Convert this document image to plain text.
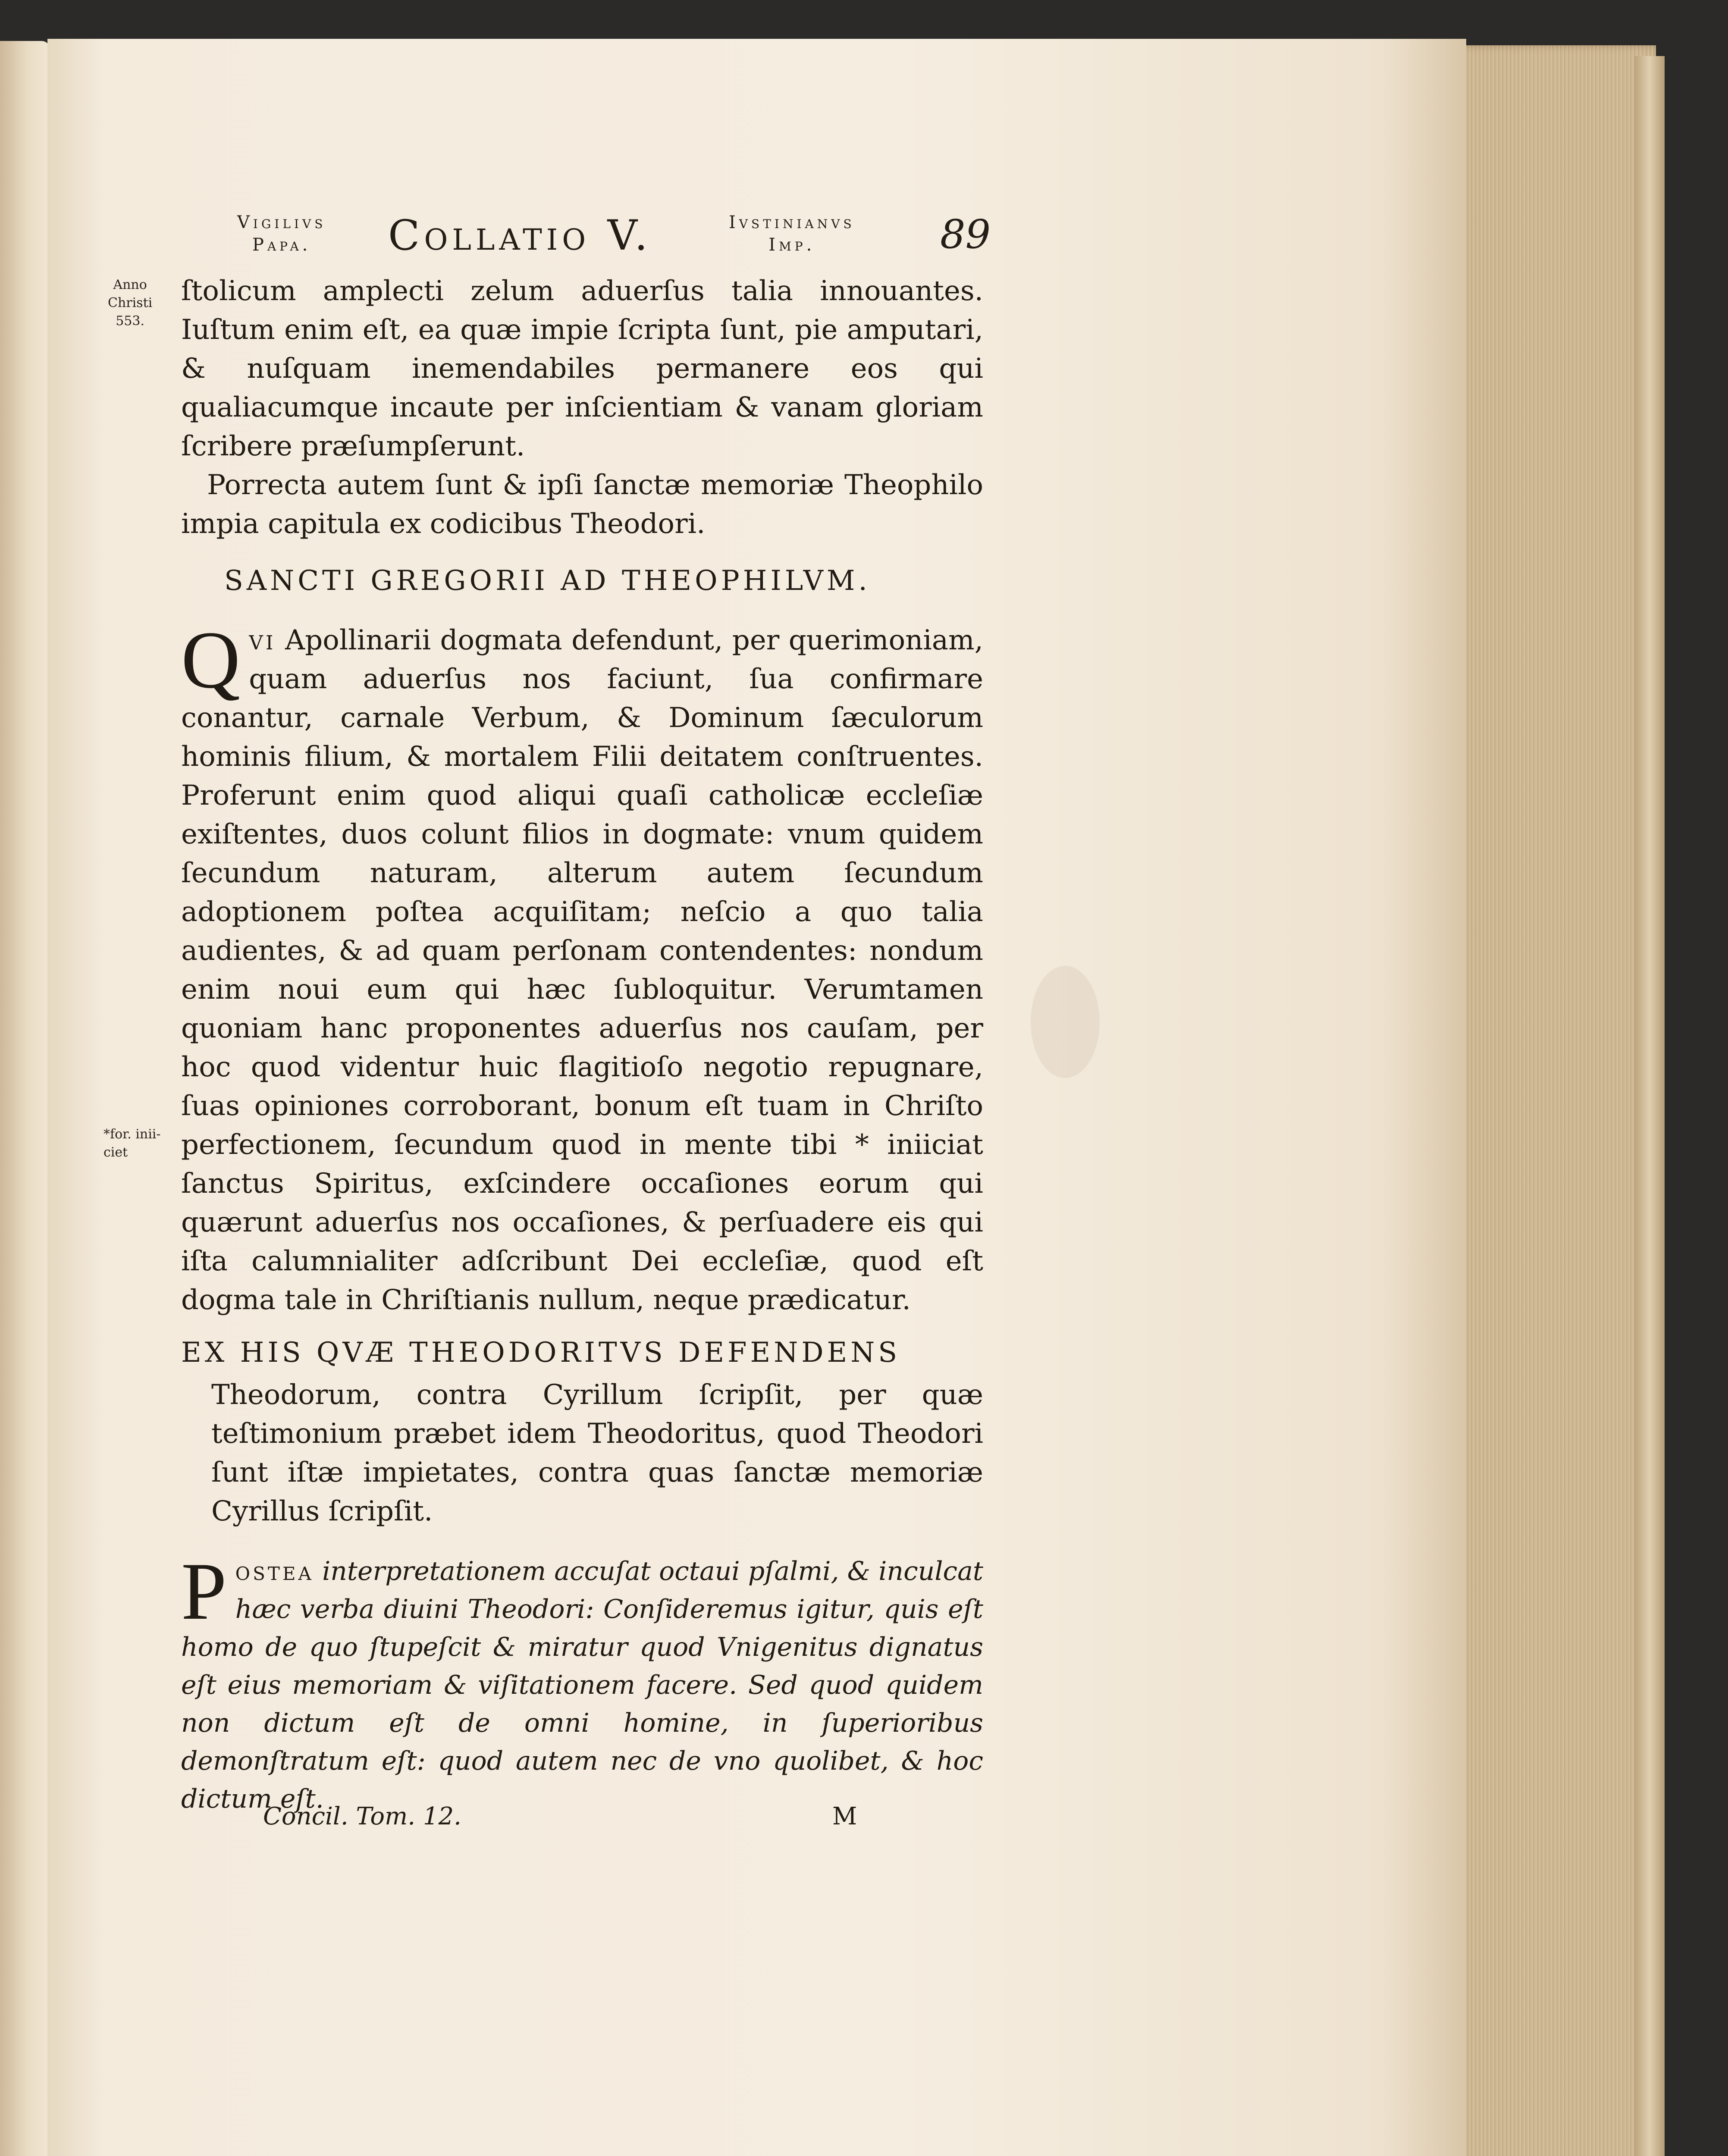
Vigilivs
Papa.	Collatio V.	Ivstinianvs
Imp.	89
Anno
Christi
553.
*for. inii-
ciet

ſtolicum amplecti zelum aduerſus talia innouantes. Iuſtum enim eſt, ea quæ impie ſcripta ſunt, pie amputari, & nuſquam inemendabiles permanere eos qui qualiacumque incaute per inſcientiam & vanam gloriam ſcribere præſumpſerunt.

Porrecta autem ſunt & ipſi ſanctæ memoriæ Theophilo impia capitula ex codicibus Theodori.

SANCTI GREGORII AD THEOPHILVM.

Q vi Apollinarii dogmata defendunt, per querimoniam, quam aduerſus nos faciunt, ſua confirmare conantur, carnale Verbum, & Dominum ſæculorum hominis filium, & mortalem Filii deitatem conſtruentes. Proferunt enim quod aliqui quaſi catholicæ eccleſiæ exiſtentes, duos colunt filios in dogmate: vnum quidem ſecundum naturam, alterum autem ſecundum adoptionem poſtea acquiſitam; neſcio a quo talia audientes, & ad quam perſonam contendentes: nondum enim noui eum qui hæc ſubloquitur. Verumtamen quoniam hanc proponentes aduerſus nos cauſam, per hoc quod videntur huic flagitioſo negotio repugnare, ſuas opiniones corroborant, bonum eſt tuam in Chriſto perfectionem, ſecundum quod in mente tibi * iniiciat ſanctus Spiritus, exſcindere occaſiones eorum qui quærunt aduerſus nos occaſiones, & perſuadere eis qui iſta calumnialiter adſcribunt Dei eccleſiæ, quod eſt dogma tale in Chriſtianis nullum, neque prædicatur.

EX HIS QVÆ THEODORITVS DEFENDENS

Theodorum, contra Cyrillum ſcripſit, per quæ teſtimonium præbet idem Theodoritus, quod Theodori ſunt iſtæ impietates, contra quas ſanctæ memoriæ Cyrillus ſcripſit.

P ostea interpretationem accuſat octaui pſalmi, & inculcat hæc verba diuini Theodori: Conſideremus igitur, quis eſt homo de quo ſtupeſcit & miratur quod Vnigenitus dignatus eſt eius memoriam & viſitationem facere. Sed quod quidem non dictum eſt de omni homine, in ſuperioribus demonſtratum eſt: quod autem nec de vno quolibet, & hoc dictum eſt.

Concil. Tom. 12.	M
